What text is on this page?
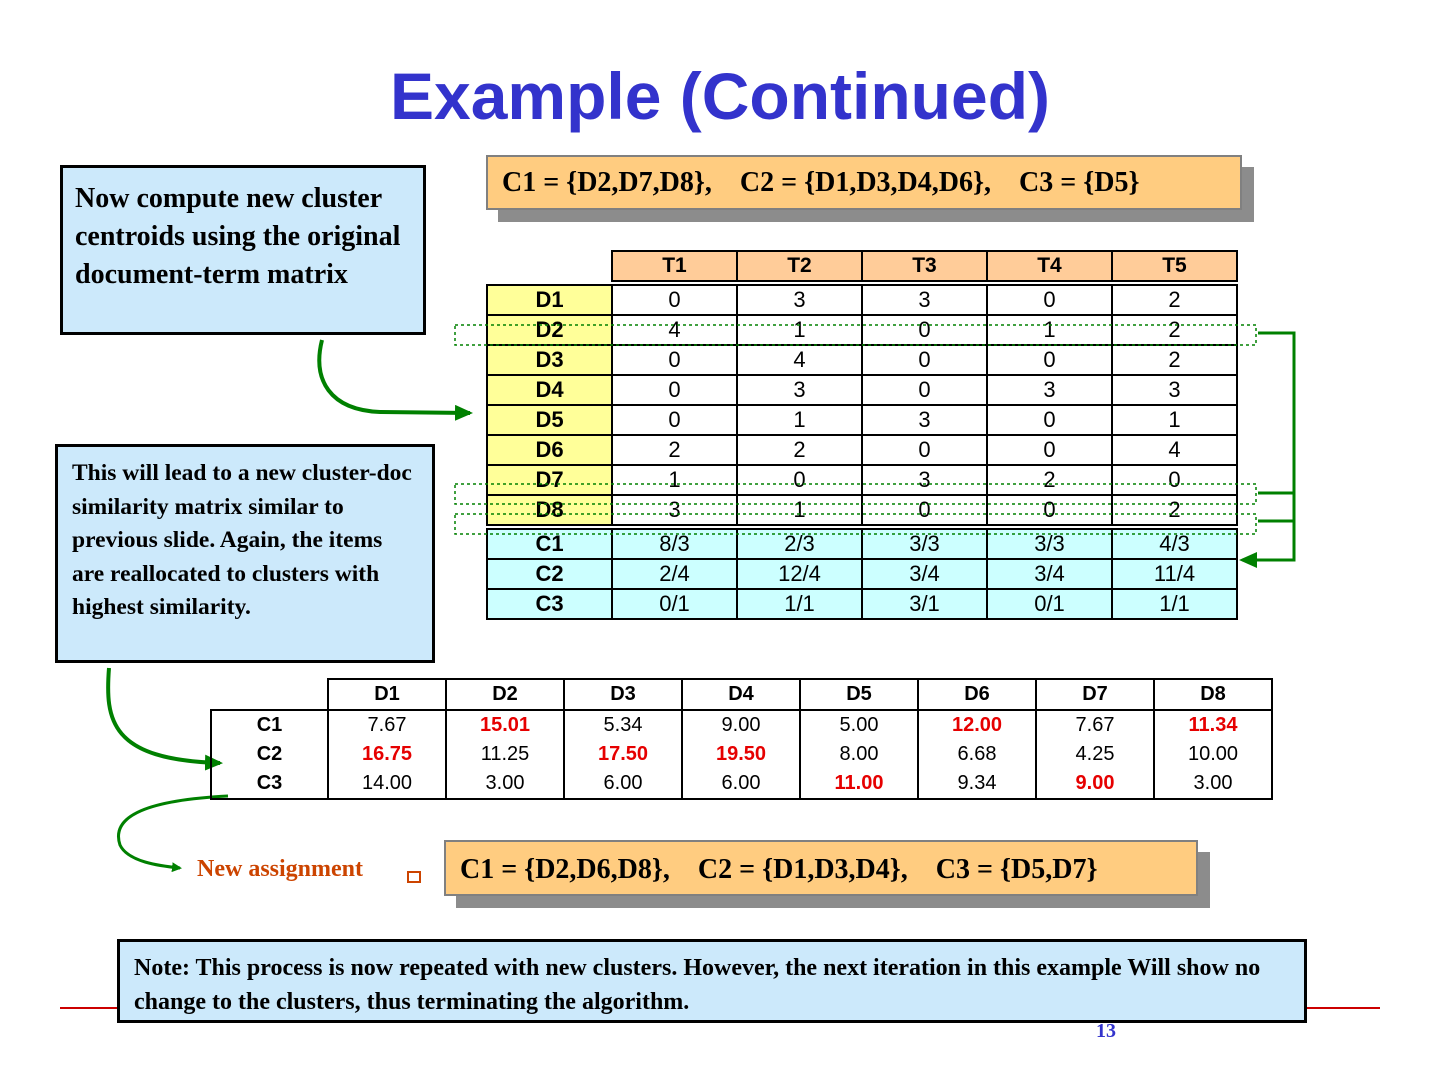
Example (Continued)
Now compute new cluster centroids using the original document-term matrix
C1 = {D2,D7,D8},    C2 = {D1,D3,D4,D6},    C3 = {D5}
	T1	T2	T3	T4	T5

D1	0	3	3	0	2
D2	4	1	0	1	2
D3	0	4	0	0	2
D4	0	3	0	3	3
D5	0	1	3	0	1
D6	2	2	0	0	4
D7	1	0	3	2	0
D8	3	1	0	0	2

C1	8/3	2/3	3/3	3/3	4/3
C2	2/4	12/4	3/4	3/4	11/4
C3	0/1	1/1	3/1	0/1	1/1
This will lead to a new cluster-doc similarity matrix similar to previous slide. Again, the items are reallocated to clusters with highest similarity.
	D1	D2	D3	D4	D5	D6	D7	D8
C1	7.67	15.01	5.34	9.00	5.00	12.00	7.67	11.34
C2	16.75	11.25	17.50	19.50	8.00	6.68	4.25	10.00
C3	14.00	3.00	6.00	6.00	11.00	9.34	9.00	3.00
New assignment	C1 = {D2,D6,D8},    C2 = {D1,D3,D4},    C3 = {D5,D7}
Note: This process is now repeated with new clusters. However, the next iteration in this example Will show no change to the clusters, thus terminating the algorithm.
13
